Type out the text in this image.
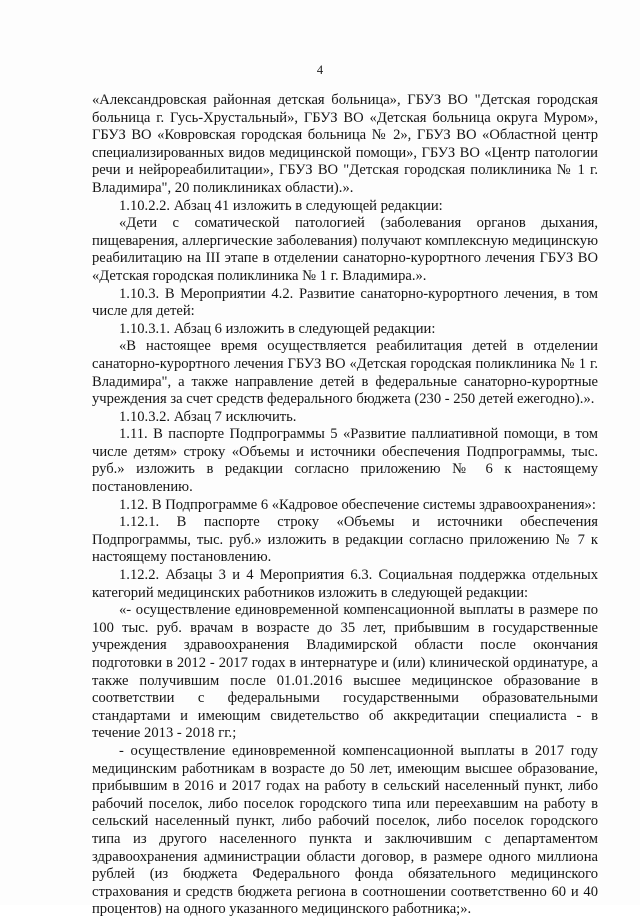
4

«Александровская районная детская больница», ГБУЗ ВО "Детская городская больница г. Гусь-Хрустальный», ГБУЗ ВО «Детская больница округа Муром», ГБУЗ ВО «Ковровская городская больница № 2», ГБУЗ ВО «Областной центр специализированных видов медицинской помощи», ГБУЗ ВО «Центр патологии речи и нейрореабилитации», ГБУЗ ВО "Детская городская поликлиника № 1 г. Владимира", 20 поликлиниках области).».

1.10.2.2. Абзац 41 изложить в следующей редакции:

«Дети с соматической патологией (заболевания органов дыхания, пищеварения, аллергические заболевания) получают комплексную медицинскую реабилитацию на III этапе в отделении санаторно-курортного лечения ГБУЗ ВО «Детская городская поликлиника № 1 г. Владимира.».

1.10.3. В Мероприятии 4.2. Развитие санаторно-курортного лечения, в том числе для детей:

1.10.3.1. Абзац 6 изложить в следующей редакции:

«В настоящее время осуществляется реабилитация детей в отделении санаторно-курортного лечения ГБУЗ ВО «Детская городская поликлиника № 1 г. Владимира", а также направление детей в федеральные санаторно-курортные учреждения за счет средств федерального бюджета (230 - 250 детей ежегодно).».

1.10.3.2. Абзац 7 исключить.

1.11. В паспорте Подпрограммы 5 «Развитие паллиативной помощи, в том числе детям» строку «Объемы и источники обеспечения Подпрограммы, тыс. руб.» изложить в редакции согласно приложению № 6 к настоящему постановлению.

1.12. В Подпрограмме 6 «Кадровое обеспечение системы здравоохранения»:

1.12.1. В паспорте строку «Объемы и источники обеспечения Подпрограммы, тыс. руб.» изложить в редакции согласно приложению № 7 к настоящему постановлению.

1.12.2. Абзацы 3 и 4 Мероприятия 6.3. Социальная поддержка отдельных категорий медицинских работников изложить в следующей редакции:

«- осуществление единовременной компенсационной выплаты в размере по 100 тыс. руб. врачам в возрасте до 35 лет, прибывшим в государственные учреждения здравоохранения Владимирской области после окончания подготовки в 2012 - 2017 годах в интернатуре и (или) клинической ординатуре, а также получившим после 01.01.2016 высшее медицинское образование в соответствии с федеральными государственными образовательными стандартами и имеющим свидетельство об аккредитации специалиста - в течение 2013 - 2018 гг.;

- осуществление единовременной компенсационной выплаты в 2017 году медицинским работникам в возрасте до 50 лет, имеющим высшее образование, прибывшим в 2016 и 2017 годах на работу в сельский населенный пункт, либо рабочий поселок, либо поселок городского типа или переехавшим на работу в сельский населенный пункт, либо рабочий поселок, либо поселок городского типа из другого населенного пункта и заключившим с департаментом здравоохранения администрации области договор, в размере одного миллиона рублей (из бюджета Федерального фонда обязательного медицинского страхования и средств бюджета региона в соотношении соответственно 60 и 40 процентов) на одного указанного медицинского работника;».
